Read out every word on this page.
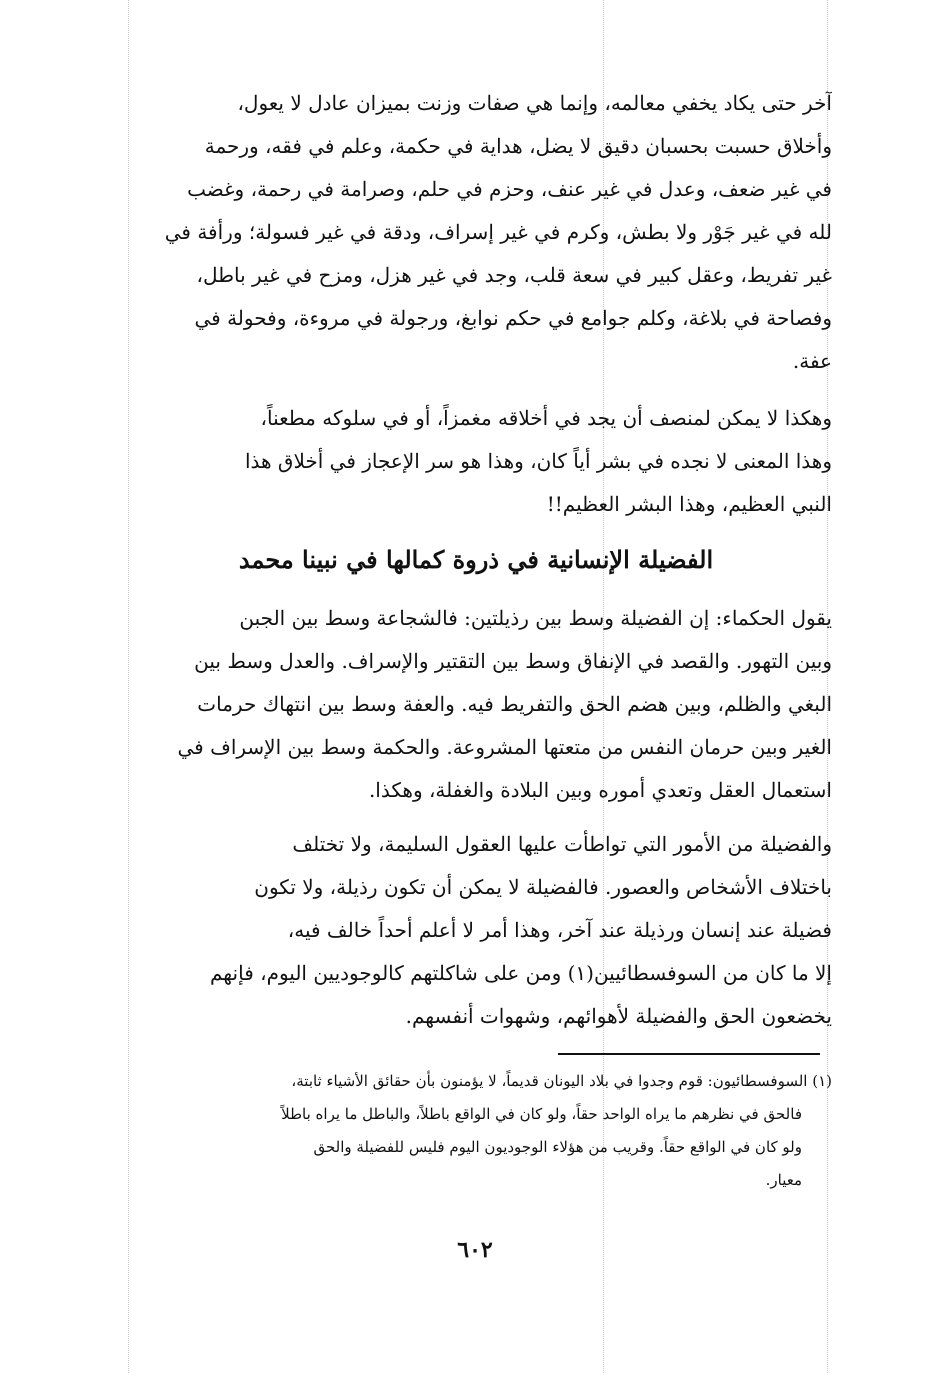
آخر حتى يكاد يخفي معالمه، وإنما هي صفات وزنت بميزان عادل لا يعول،
وأخلاق حسبت بحسبان دقيق لا يضل، هداية في حكمة، وعلم في فقه، ورحمة
في غير ضعف، وعدل في غير عنف، وحزم في حلم، وصرامة في رحمة، وغضب
لله في غير جَوْر ولا بطش، وكرم في غير إسراف، ودقة في غير فسولة؛ ورأفة في
غير تفريط، وعقل كبير في سعة قلب، وجد في غير هزل، ومزح في غير باطل،
وفصاحة في بلاغة، وكلم جوامع في حكم نوابغ، ورجولة في مروءة، وفحولة في
عفة.
وهكذا لا يمكن لمنصف أن يجد في أخلاقه مغمزاً، أو في سلوكه مطعناً،
وهذا المعنى لا نجده في بشر أياً كان، وهذا هو سر الإعجاز في أخلاق هذا
النبي العظيم، وهذا البشر العظيم!!
الفضيلة الإنسانية في ذروة كمالها في نبينا محمد
يقول الحكماء: إن الفضيلة وسط بين رذيلتين: فالشجاعة وسط بين الجبن
وبين التهور. والقصد في الإنفاق وسط بين التقتير والإسراف. والعدل وسط بين
البغي والظلم، وبين هضم الحق والتفريط فيه. والعفة وسط بين انتهاك حرمات
الغير وبين حرمان النفس من متعتها المشروعة. والحكمة وسط بين الإسراف في
استعمال العقل وتعدي أموره وبين البلادة والغفلة، وهكذا.
والفضيلة من الأمور التي تواطأت عليها العقول السليمة، ولا تختلف
باختلاف الأشخاص والعصور. فالفضيلة لا يمكن أن تكون رذيلة، ولا تكون
فضيلة عند إنسان ورذيلة عند آخر، وهذا أمر لا أعلم أحداً خالف فيه،
إلا ما كان من السوفسطائيين(١) ومن على شاكلتهم كالوجوديين اليوم، فإنهم
يخضعون الحق والفضيلة لأهوائهم، وشهوات أنفسهم.
(١) السوفسطائيون: قوم وجدوا في بلاد اليونان قديماً، لا يؤمنون بأن حقائق الأشياء ثابتة،
فالحق في نظرهم ما يراه الواحد حقاً، ولو كان في الواقع باطلاً، والباطل ما يراه باطلاً
ولو كان في الواقع حقاً. وقريب من هؤلاء الوجوديون اليوم فليس للفضيلة والحق
معيار.
٦٠٢
